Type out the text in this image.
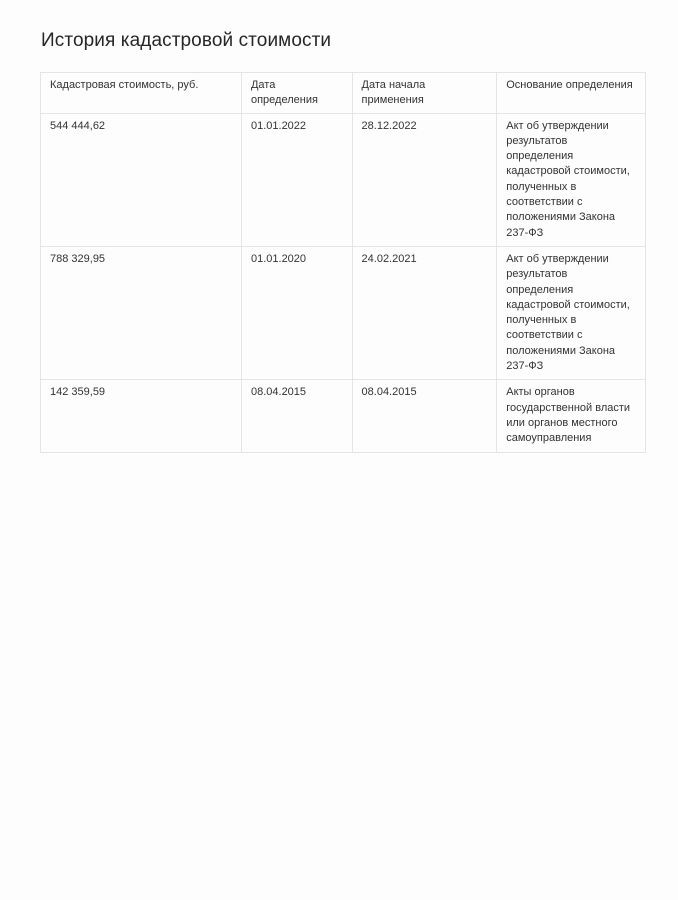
История кадастровой стоимости
Кадастровая стоимость, руб.	Дата определения	Дата начала применения	Основание определения
544 444,62	01.01.2022	28.12.2022	Акт об утверждении результатов определения кадастровой стоимости, полученных в соответствии с положениями Закона 237-ФЗ
788 329,95	01.01.2020	24.02.2021	Акт об утверждении результатов определения кадастровой стоимости, полученных в соответствии с положениями Закона 237-ФЗ
142 359,59	08.04.2015	08.04.2015	Акты органов государственной власти или органов местного самоуправления
